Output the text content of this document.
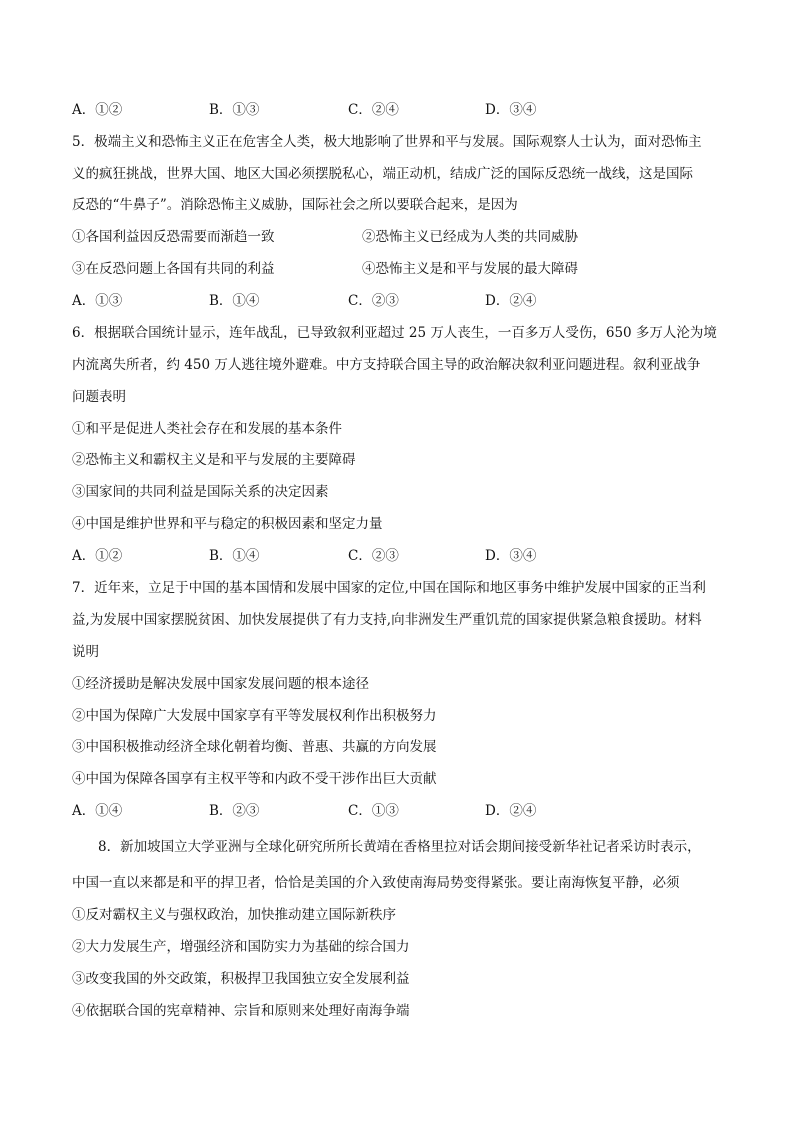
A．①②	B．①③	C．②④	D．③④
5．极端主义和恐怖主义正在危害全人类，极大地影响了世界和平与发展。国际观察人士认为，面对恐怖主
义的疯狂挑战，世界大国、地区大国必须摆脱私心，端正动机，结成广泛的国际反恐统一战线，这是国际
反恐的“牛鼻子”。消除恐怖主义威胁，国际社会之所以要联合起来，是因为
①各国利益因反恐需要而渐趋一致	②恐怖主义已经成为人类的共同威胁
③在反恐问题上各国有共同的利益	④恐怖主义是和平与发展的最大障碍
A．①③	B．①④	C．②③	D．②④
6．根据联合国统计显示，连年战乱，已导致叙利亚超过 25 万人丧生，一百多万人受伤，650 多万人沦为境
内流离失所者，约 450 万人逃往境外避难。中方支持联合国主导的政治解决叙利亚问题进程。叙利亚战争
问题表明
①和平是促进人类社会存在和发展的基本条件
②恐怖主义和霸权主义是和平与发展的主要障碍
③国家间的共同利益是国际关系的决定因素
④中国是维护世界和平与稳定的积极因素和坚定力量
A．①②	B．①④	C．②③	D．③④
7．近年来，立足于中国的基本国情和发展中国家的定位,中国在国际和地区事务中维护发展中国家的正当利
益,为发展中国家摆脱贫困、加快发展提供了有力支持,向非洲发生严重饥荒的国家提供紧急粮食援助。材料
说明
①经济援助是解决发展中国家发展问题的根本途径
②中国为保障广大发展中国家享有平等发展权利作出积极努力
③中国积极推动经济全球化朝着均衡、普惠、共赢的方向发展
④中国为保障各国享有主权平等和内政不受干涉作出巨大贡献
A．①④	B．②③	C．①③	D．②④
8．新加坡国立大学亚洲与全球化研究所所长黄靖在香格里拉对话会期间接受新华社记者采访时表示，
中国一直以来都是和平的捍卫者，恰恰是美国的介入致使南海局势变得紧张。要让南海恢复平静，必须
①反对霸权主义与强权政治，加快推动建立国际新秩序
②大力发展生产，增强经济和国防实力为基础的综合国力
③改变我国的外交政策，积极捍卫我国独立安全发展利益
④依据联合国的宪章精神、宗旨和原则来处理好南海争端
